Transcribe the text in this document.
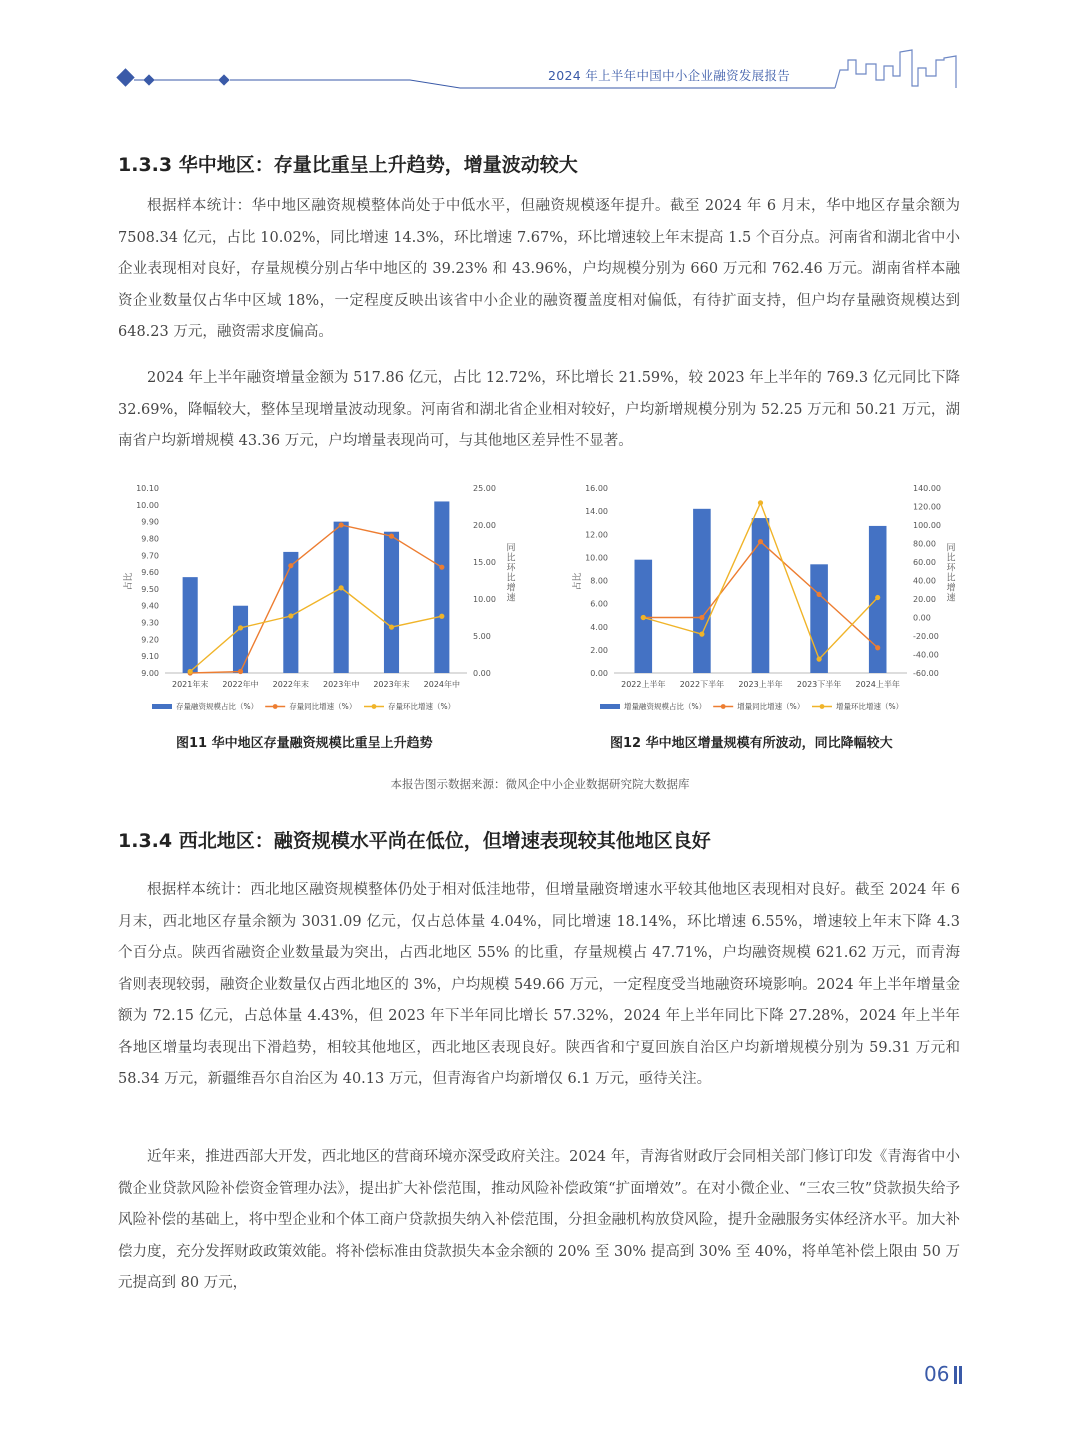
2024 年上半年中国中小企业融资发展报告
1.3.3 华中地区：存量比重呈上升趋势，增量波动较大

根据样本统计：华中地区融资规模整体尚处于中低水平，但融资规模逐年提升。截至 2024 年 6 月末，华中地区存量余额为 7508.34 亿元，占比 10.02%，同比增速 14.3%，环比增速 7.67%，环比增速较上年末提高 1.5 个百分点。河南省和湖北省中小企业表现相对良好，存量规模分别占华中地区的 39.23% 和 43.96%，户均规模分别为 660 万元和 762.46 万元。湖南省样本融资企业数量仅占华中区域 18%，一定程度反映出该省中小企业的融资覆盖度相对偏低，有待扩面支持，但户均存量融资规模达到 648.23 万元，融资需求度偏高。

2024 年上半年融资增量金额为 517.86 亿元，占比 12.72%，环比增长 21.59%，较 2023 年上半年的 769.3 亿元同比下降 32.69%，降幅较大，整体呈现增量波动现象。河南省和湖北省企业相对较好，户均新增规模分别为 52.25 万元和 50.21 万元，湖南省户均新增规模 43.36 万元，户均增量表现尚可，与其他地区差异性不显著。

10.10
10.00
9.90
9.80
9.70
9.60
9.50
9.40
9.30
9.20
9.10
9.00
25.00
20.00
15.00
10.00
5.00
0.00
占比
同
比
环
比
增
速
2021年末 2022年中 2022年末 2023年中 2023年末 2024年中
存量融资规模占比（%）	存量同比增速（%）	存量环比增速（%）
图11 华中地区存量融资规模比重呈上升趋势
16.00
14.00
12.00
10.00
8.00
6.00
4.00
2.00
0.00
140.00
120.00
100.00
80.00
60.00
40.00
20.00
0.00
-20.00
-40.00
-60.00
占比
同
比
环
比
增
速
2022上半年 2022下半年 2023上半年 2023下半年 2024上半年
增量融资规模占比（%）	增量同比增速（%）	增量环比增速（%）
图12 华中地区增量规模有所波动，同比降幅较大
本报告图示数据来源：微风企中小企业数据研究院大数据库
1.3.4 西北地区：融资规模水平尚在低位，但增速表现较其他地区良好

根据样本统计：西北地区融资规模整体仍处于相对低洼地带，但增量融资增速水平较其他地区表现相对良好。截至 2024 年 6 月末，西北地区存量余额为 3031.09 亿元，仅占总体量 4.04%，同比增速 18.14%，环比增速 6.55%，增速较上年末下降 4.3 个百分点。陕西省融资企业数量最为突出，占西北地区 55% 的比重，存量规模占 47.71%，户均融资规模 621.62 万元，而青海省则表现较弱，融资企业数量仅占西北地区的 3%，户均规模 549.66 万元，一定程度受当地融资环境影响。2024 年上半年增量金额为 72.15 亿元，占总体量 4.43%，但 2023 年下半年同比增长 57.32%，2024 年上半年同比下降 27.28%，2024 年上半年各地区增量均表现出下滑趋势，相较其他地区，西北地区表现良好。陕西省和宁夏回族自治区户均新增规模分别为 59.31 万元和 58.34 万元，新疆维吾尔自治区为 40.13 万元，但青海省户均新增仅 6.1 万元，亟待关注。

近年来，推进西部大开发，西北地区的营商环境亦深受政府关注。2024 年，青海省财政厅会同相关部门修订印发《青海省中小微企业贷款风险补偿资金管理办法》，提出扩大补偿范围，推动风险补偿政策“扩面增效”。在对小微企业、“三农三牧”贷款损失给予风险补偿的基础上，将中型企业和个体工商户贷款损失纳入补偿范围，分担金融机构放贷风险，提升金融服务实体经济水平。加大补偿力度，充分发挥财政政策效能。将补偿标准由贷款损失本金余额的 20% 至 30% 提高到 30% 至 40%，将单笔补偿上限由 50 万元提高到 80 万元，

06
